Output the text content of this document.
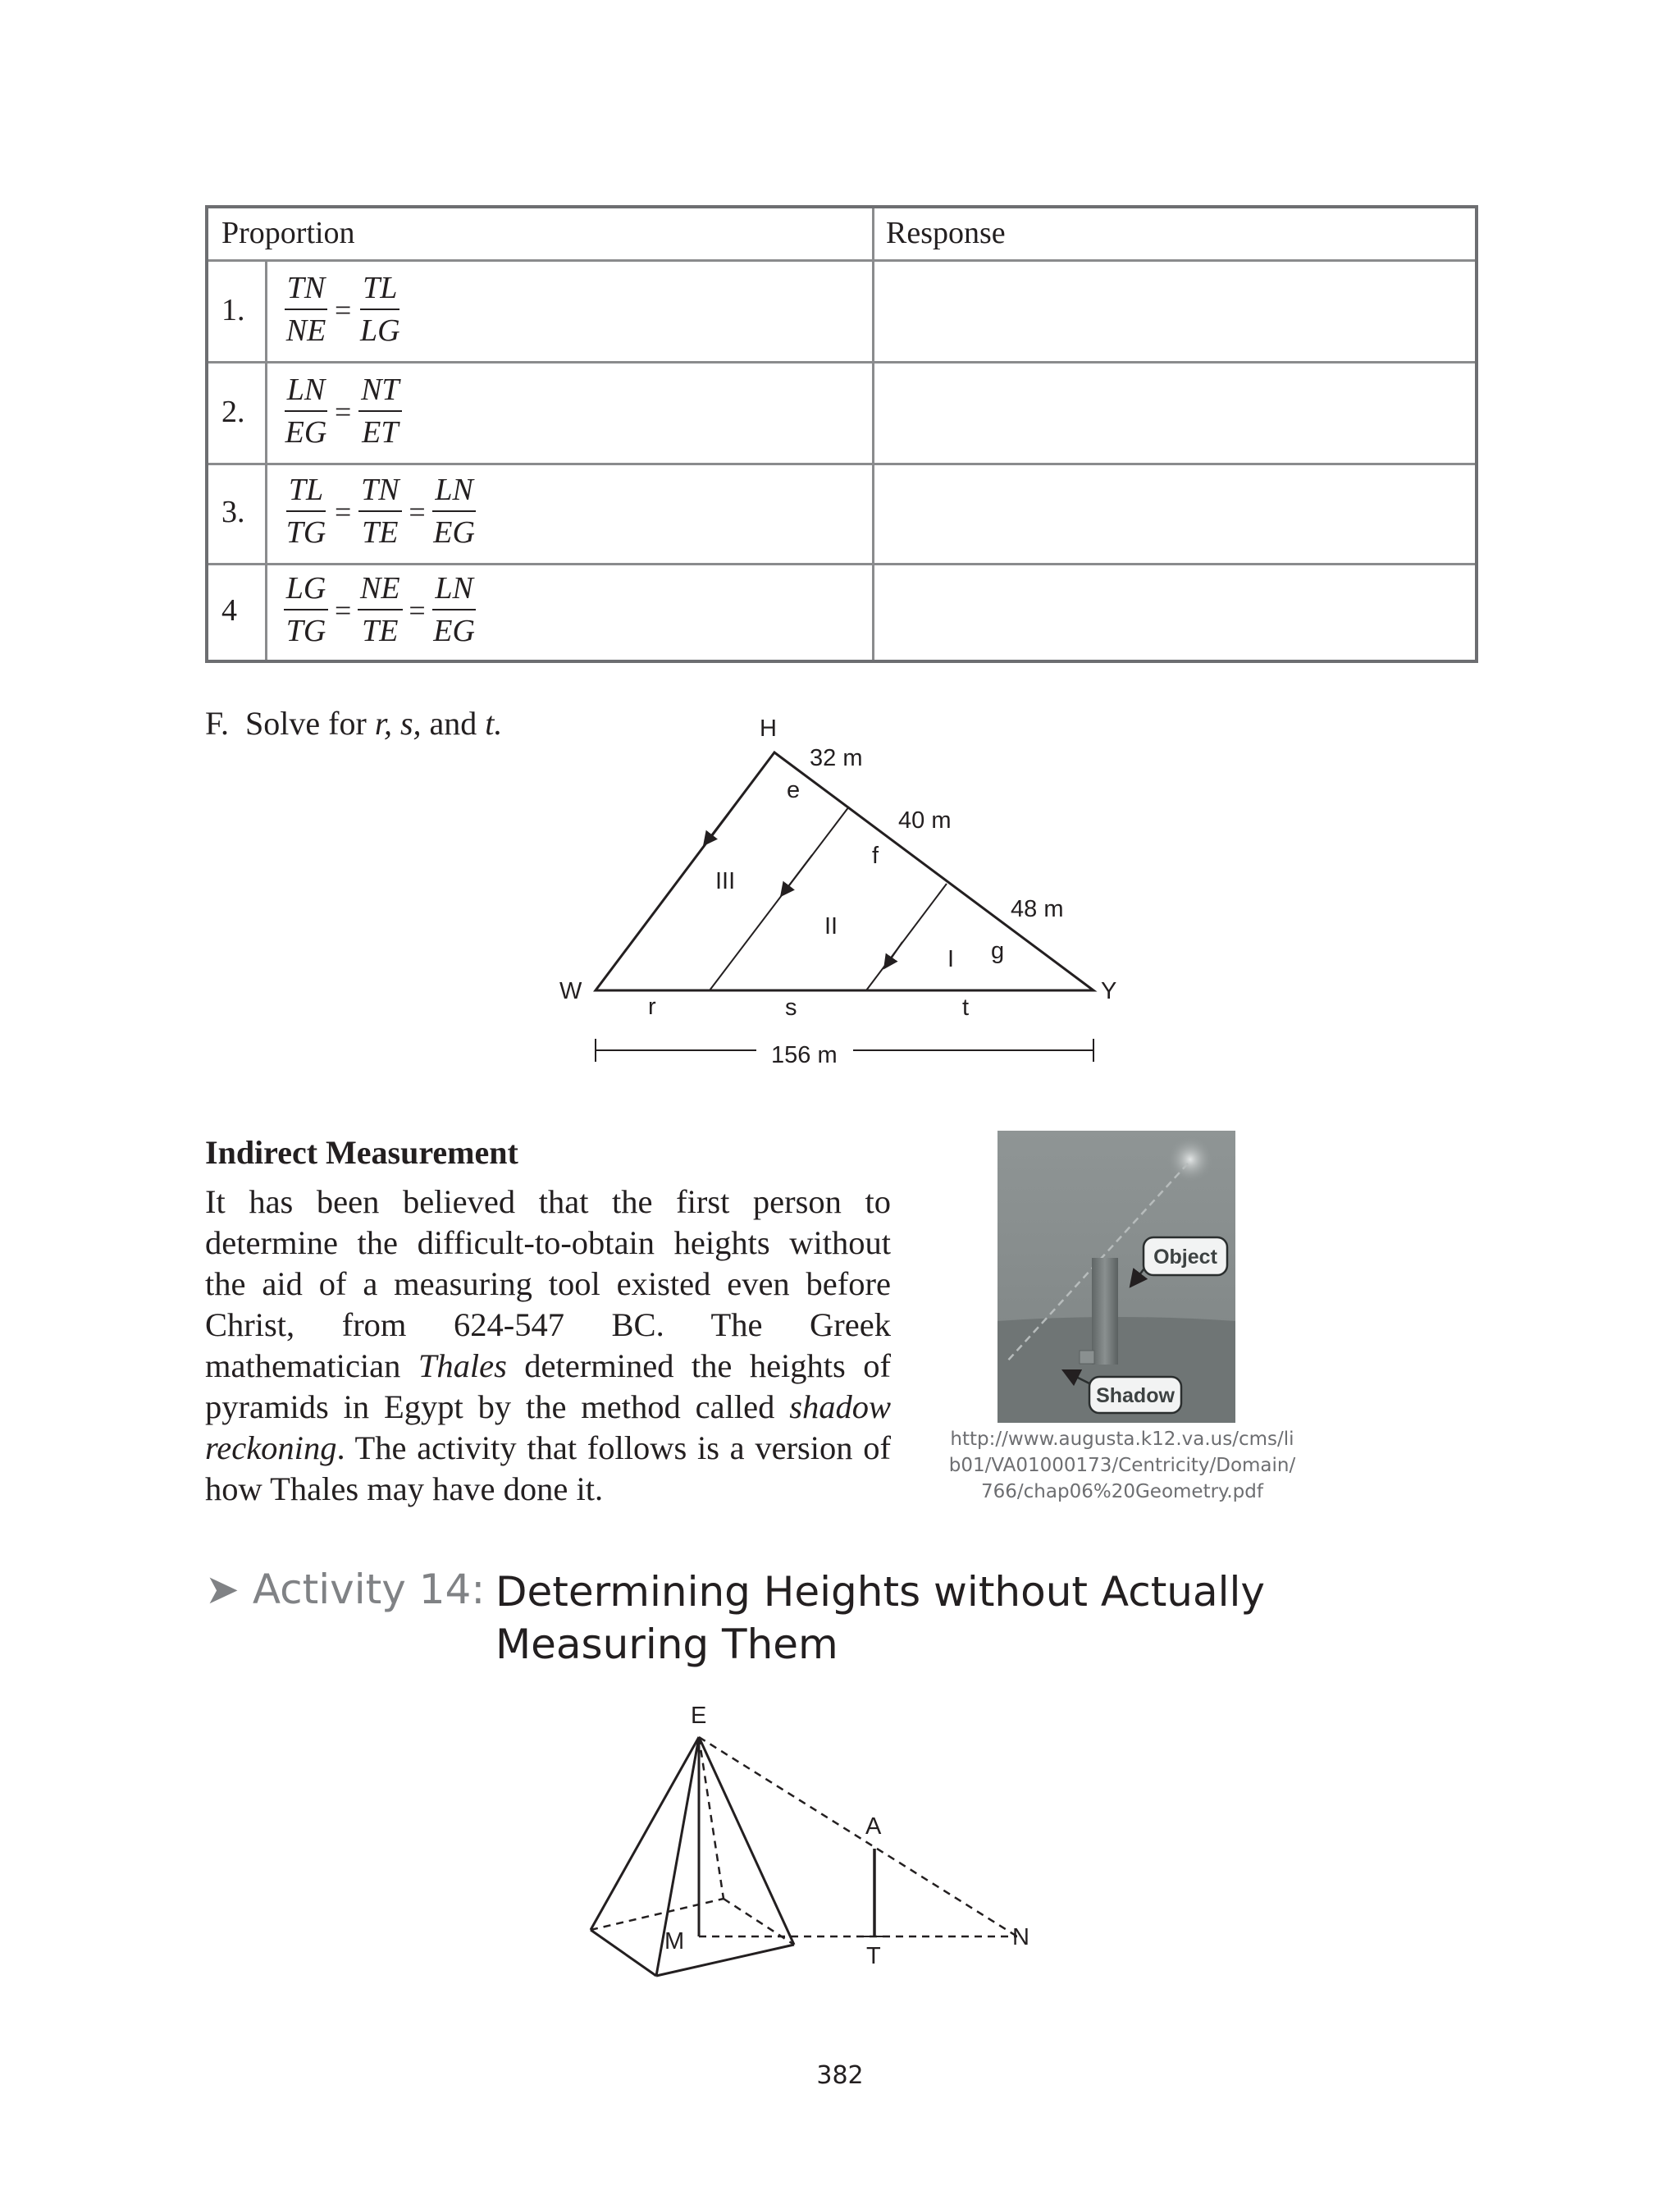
Proportion	Response
1. $\frac{TN}{NE} = \frac{TL}{LG}$
2. $\frac{LN}{EG} = \frac{NT}{ET}$
3. $\frac{TL}{TG} = \frac{TN}{TE} = \frac{LN}{EG}$
$4 \frac{LG}{TG} = \frac{NE}{TE} = \frac{LN}{EG}$
F. Solve for r, s, and t.	H
W	Y
32 m
e
40 m
f
48 m
g
III
II
I
r	s	t
156 m
Indirect Measurement
It has been believed that the first person to determine the difficult-to-obtain heights without the aid of a measuring tool existed even before Christ, from 624-547 BC. The Greek mathematician Thales determined the heights of pyramids in Egypt by the method called shadow reckoning. The activity that follows is a version of how Thales may have done it.
Object
Shadow
http://www.augusta.k12.va.us/cms/li
b01/VA01000173/Centricity/Domain/
766/chap06%20Geometry.pdf
➤ Activity 14: Determining Heights without Actually
Measuring Them
E
A
M
T
N
382
